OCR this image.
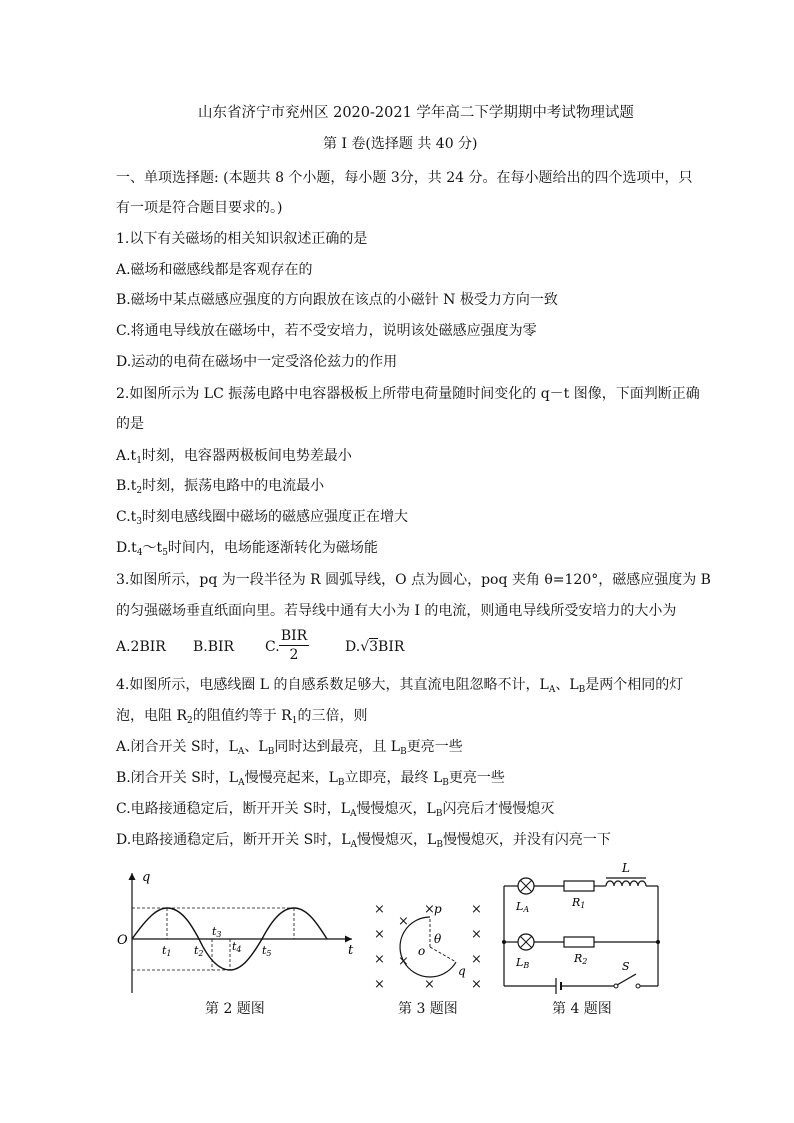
山东省济宁市兖州区 2020-2021 学年高二下学期期中考试物理试题
第 I 卷(选择题 共 40 分)
一、单项选择题: (本题共 8 个小题，每小题 3分，共 24 分。在每小题给出的四个选项中，只
有一项是符合题目要求的。)
1.以下有关磁场的相关知识叙述正确的是
A.磁场和磁感线都是客观存在的
B.磁场中某点磁感应强度的方向跟放在该点的小磁针 N 极受力方向一致
C.将通电导线放在磁场中，若不受安培力，说明该处磁感应强度为零
D.运动的电荷在磁场中一定受洛伦兹力的作用
2.如图所示为 LC 振荡电路中电容器极板上所带电荷量随时间变化的 q－t 图像，下面判断正确
的是
$A.t_1$时刻，电容器两极板间电势差最小
$B.t_2$时刻，振荡电路中的电流最小
$C.t_3$时刻电感线圈中磁场的磁感应强度正在增大
$D.t_4\sim t_5$时间内，电场能逐渐转化为磁场能
3.如图所示，pq 为一段半径为 R 圆弧导线，O 点为圆心，poq 夹角 θ=120°，磁感应强度为 B
的匀强磁场垂直纸面向里。若导线中通有大小为 I 的电流，则通电导线所受安培力的大小为
A.2BIR B.BIR C.
BIR
2	D.√3BIR
4.如图所示，电感线圈 L 的自感系数足够大，其直流电阻忽略不计，$L_A$、$L_B$是两个相同的灯
泡，电阻 $R_2$的阻值约等于 $R_1$的三倍，则
A.闭合开关 S时，$L_A$、$L_B$同时达到最亮，且 $L_B$更亮一些
B.闭合开关 S时，$L_A$慢慢亮起来，$L_B$立即亮，最终 $L_B$更亮一些
C.电路接通稳定后，断开开关 S时，$L_A$慢慢熄灭，$L_B$闪亮后才慢慢熄灭
D.电路接通稳定后，断开开关 S时，$L_A$慢慢熄灭，$L_B$慢慢熄灭，并没有闪亮一下
q
t
O
t1 t2
t3
t4 t5
第 2 题图
×
×
×
×
×
×
×
×
×
×
×
×
p
q
o
θ
第 3 题图
L
LA
R1
LB
R2	S
第 4 题图
